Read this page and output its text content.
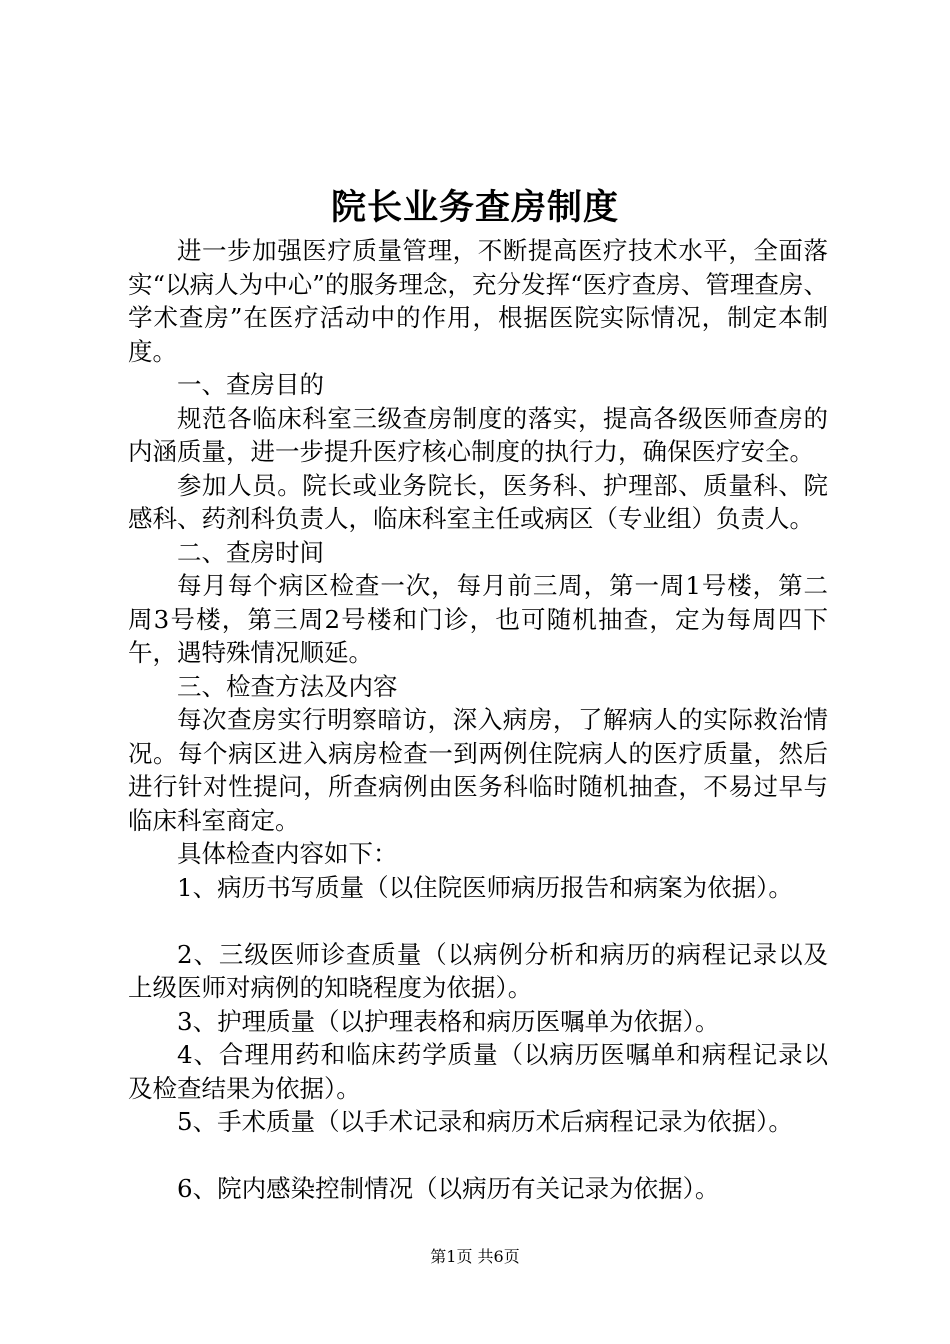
院长业务查房制度

进一步加强医疗质量管理，不断提高医疗技术水平，全面落实“以病人为中心”的服务理念，充分发挥“医疗查房、管理查房、学术查房”在医疗活动中的作用，根据医院实际情况，制定本制度。

一、查房目的

规范各临床科室三级查房制度的落实，提高各级医师查房的内涵质量，进一步提升医疗核心制度的执行力，确保医疗安全。

参加人员。院长或业务院长，医务科、护理部、质量科、院感科、药剂科负责人，临床科室主任或病区（专业组）负责人。

二、查房时间

每月每个病区检查一次，每月前三周，第一周1号楼，第二周3号楼，第三周2号楼和门诊，也可随机抽查，定为每周四下午，遇特殊情况顺延。

三、检查方法及内容

每次查房实行明察暗访，深入病房，了解病人的实际救治情况。每个病区进入病房检查一到两例住院病人的医疗质量，然后进行针对性提问，所查病例由医务科临时随机抽查，不易过早与临床科室商定。

具体检查内容如下：

1、病历书写质量（以住院医师病历报告和病案为依据）。

2、三级医师诊查质量（以病例分析和病历的病程记录以及上级医师对病例的知晓程度为依据）。

3、护理质量（以护理表格和病历医嘱单为依据）。

4、合理用药和临床药学质量（以病历医嘱单和病程记录以及检查结果为依据）。

5、手术质量（以手术记录和病历术后病程记录为依据）。

6、院内感染控制情况（以病历有关记录为依据）。

第1页 共6页
